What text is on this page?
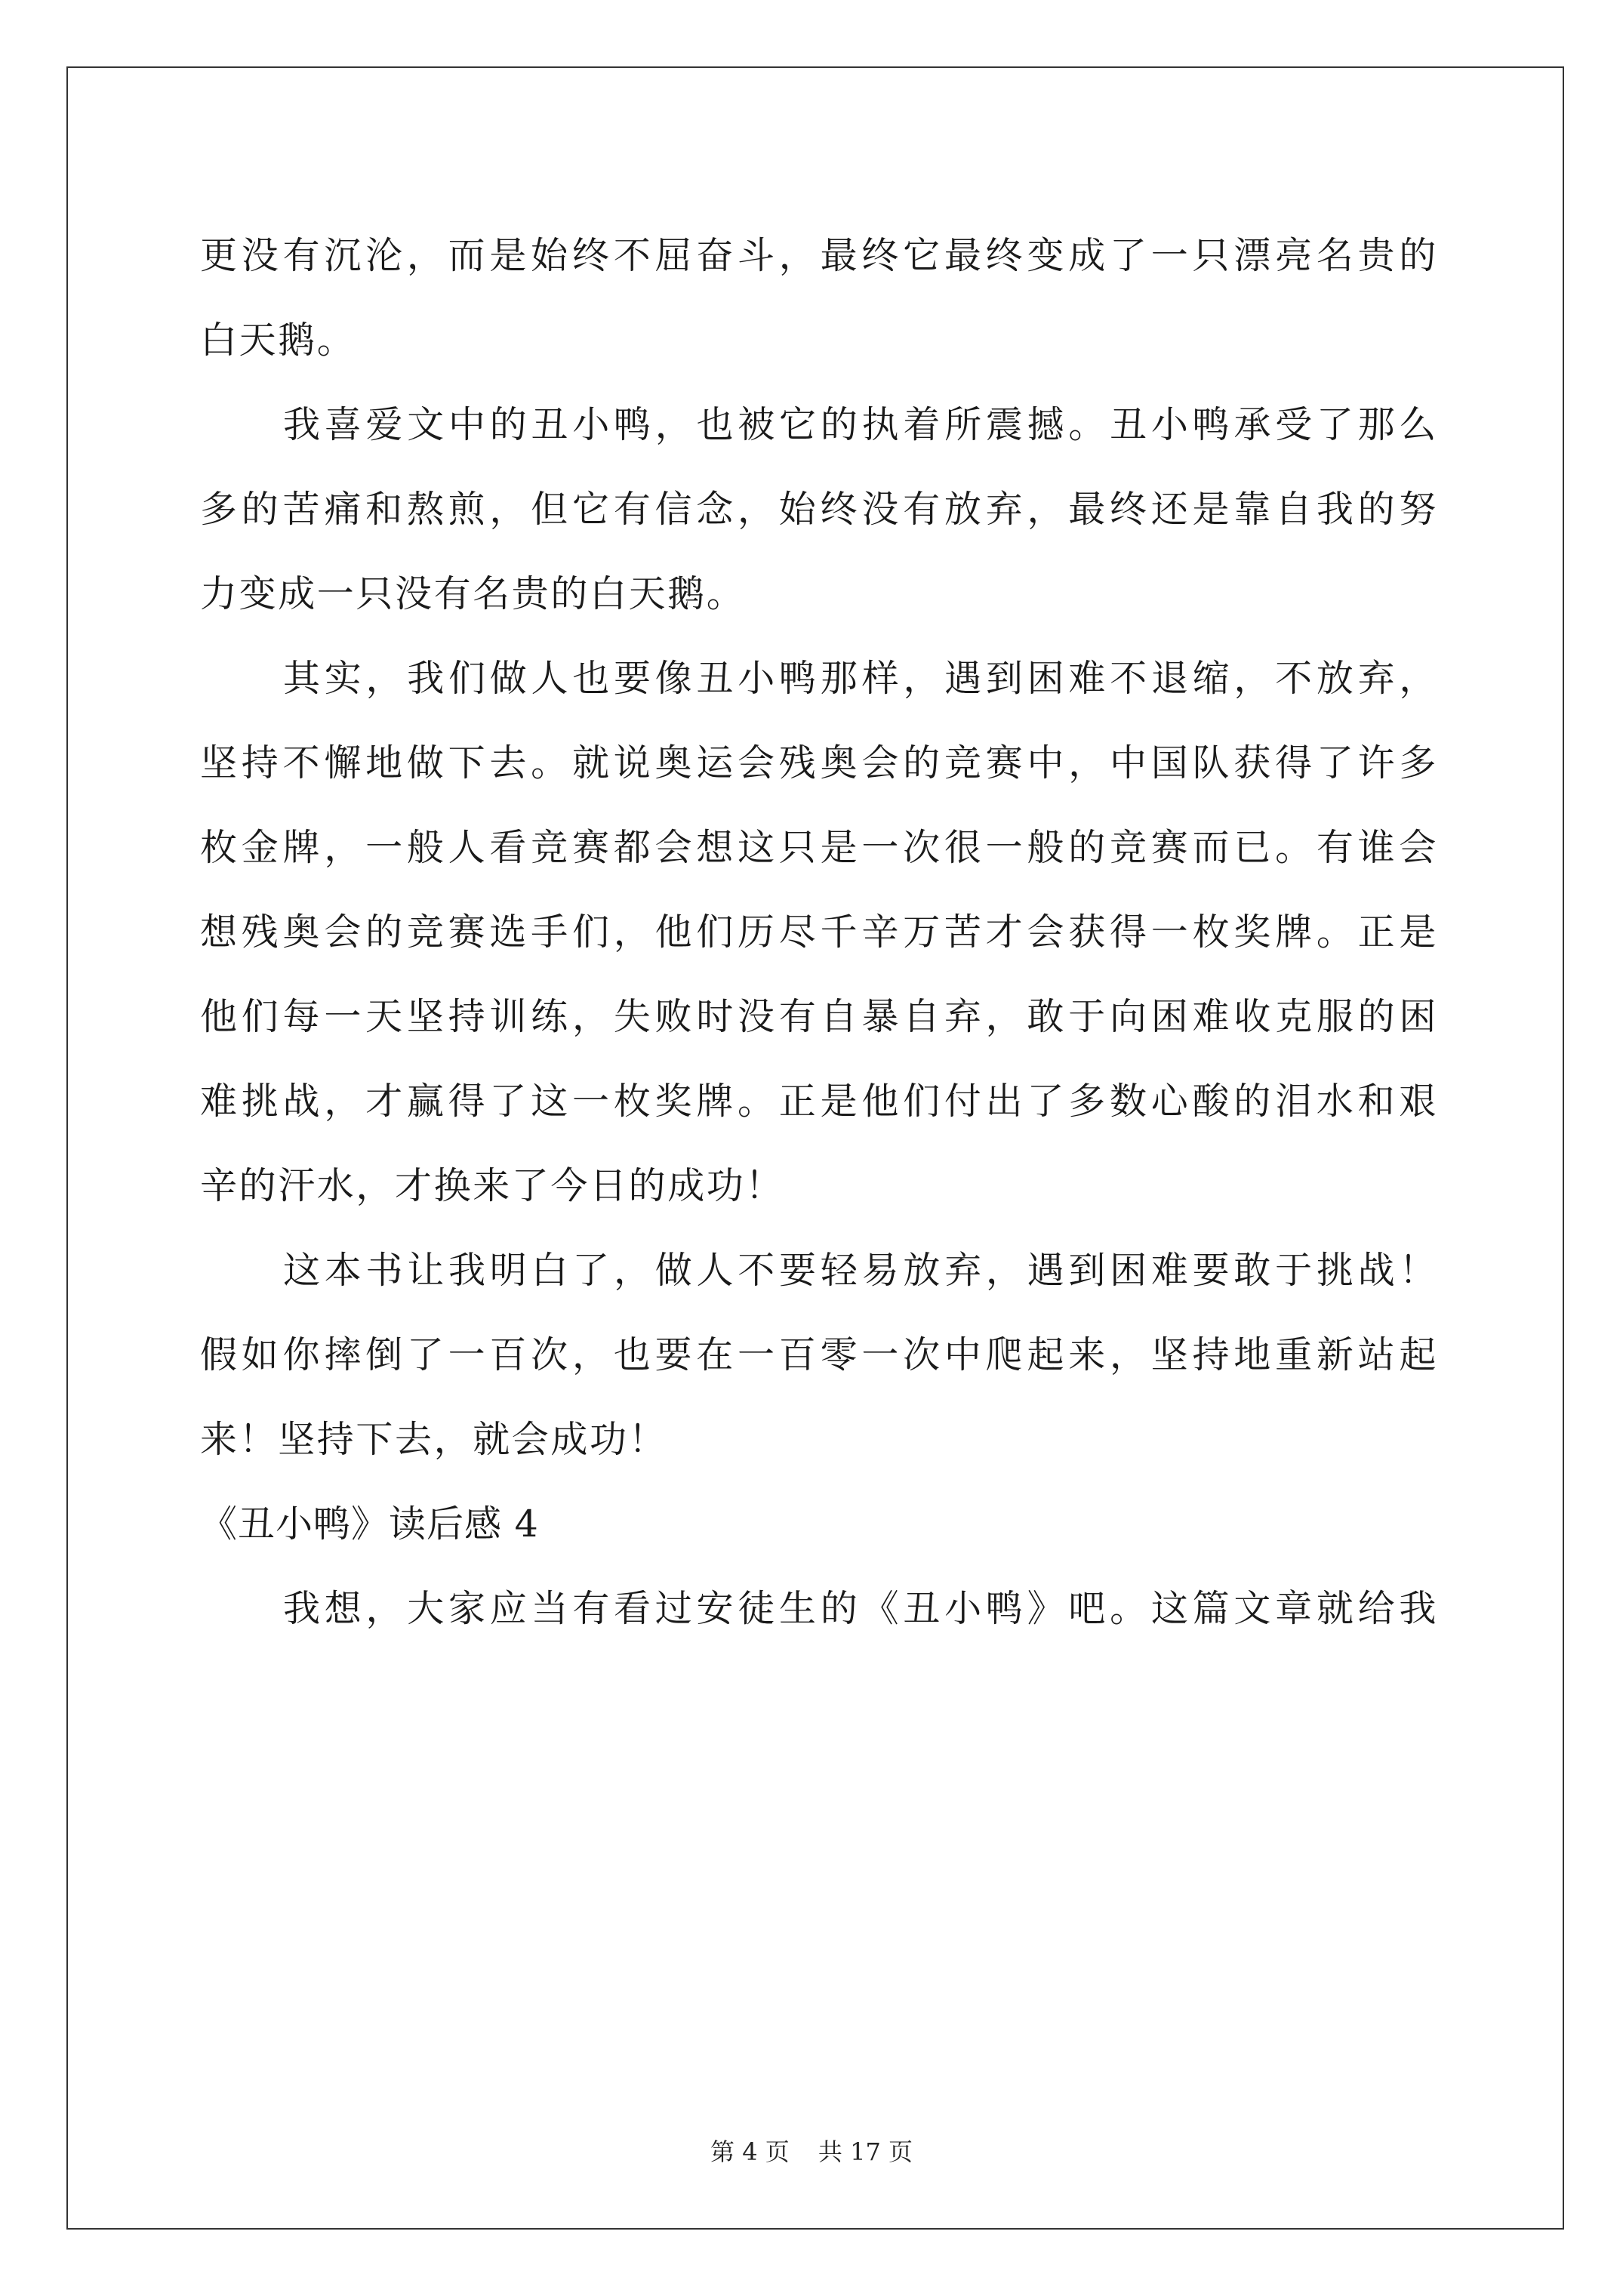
更没有沉沦，而是始终不屈奋斗，最终它最终变成了一只漂亮名贵的
白天鹅。
我喜爱文中的丑小鸭，也被它的执着所震撼。丑小鸭承受了那么
多的苦痛和熬煎，但它有信念，始终没有放弃，最终还是靠自我的努
力变成一只没有名贵的白天鹅。
其实，我们做人也要像丑小鸭那样，遇到困难不退缩，不放弃，
坚持不懈地做下去。就说奥运会残奥会的竞赛中，中国队获得了许多
枚金牌，一般人看竞赛都会想这只是一次很一般的竞赛而已。有谁会
想残奥会的竞赛选手们，他们历尽千辛万苦才会获得一枚奖牌。正是
他们每一天坚持训练，失败时没有自暴自弃，敢于向困难收克服的困
难挑战，才赢得了这一枚奖牌。正是他们付出了多数心酸的泪水和艰
辛的汗水，才换来了今日的成功！
这本书让我明白了，做人不要轻易放弃，遇到困难要敢于挑战！
假如你摔倒了一百次，也要在一百零一次中爬起来，坚持地重新站起
来！坚持下去，就会成功！
《丑小鸭》读后感 4
我想，大家应当有看过安徒生的《丑小鸭》吧。这篇文章就给我
第 4 页 共 17 页
